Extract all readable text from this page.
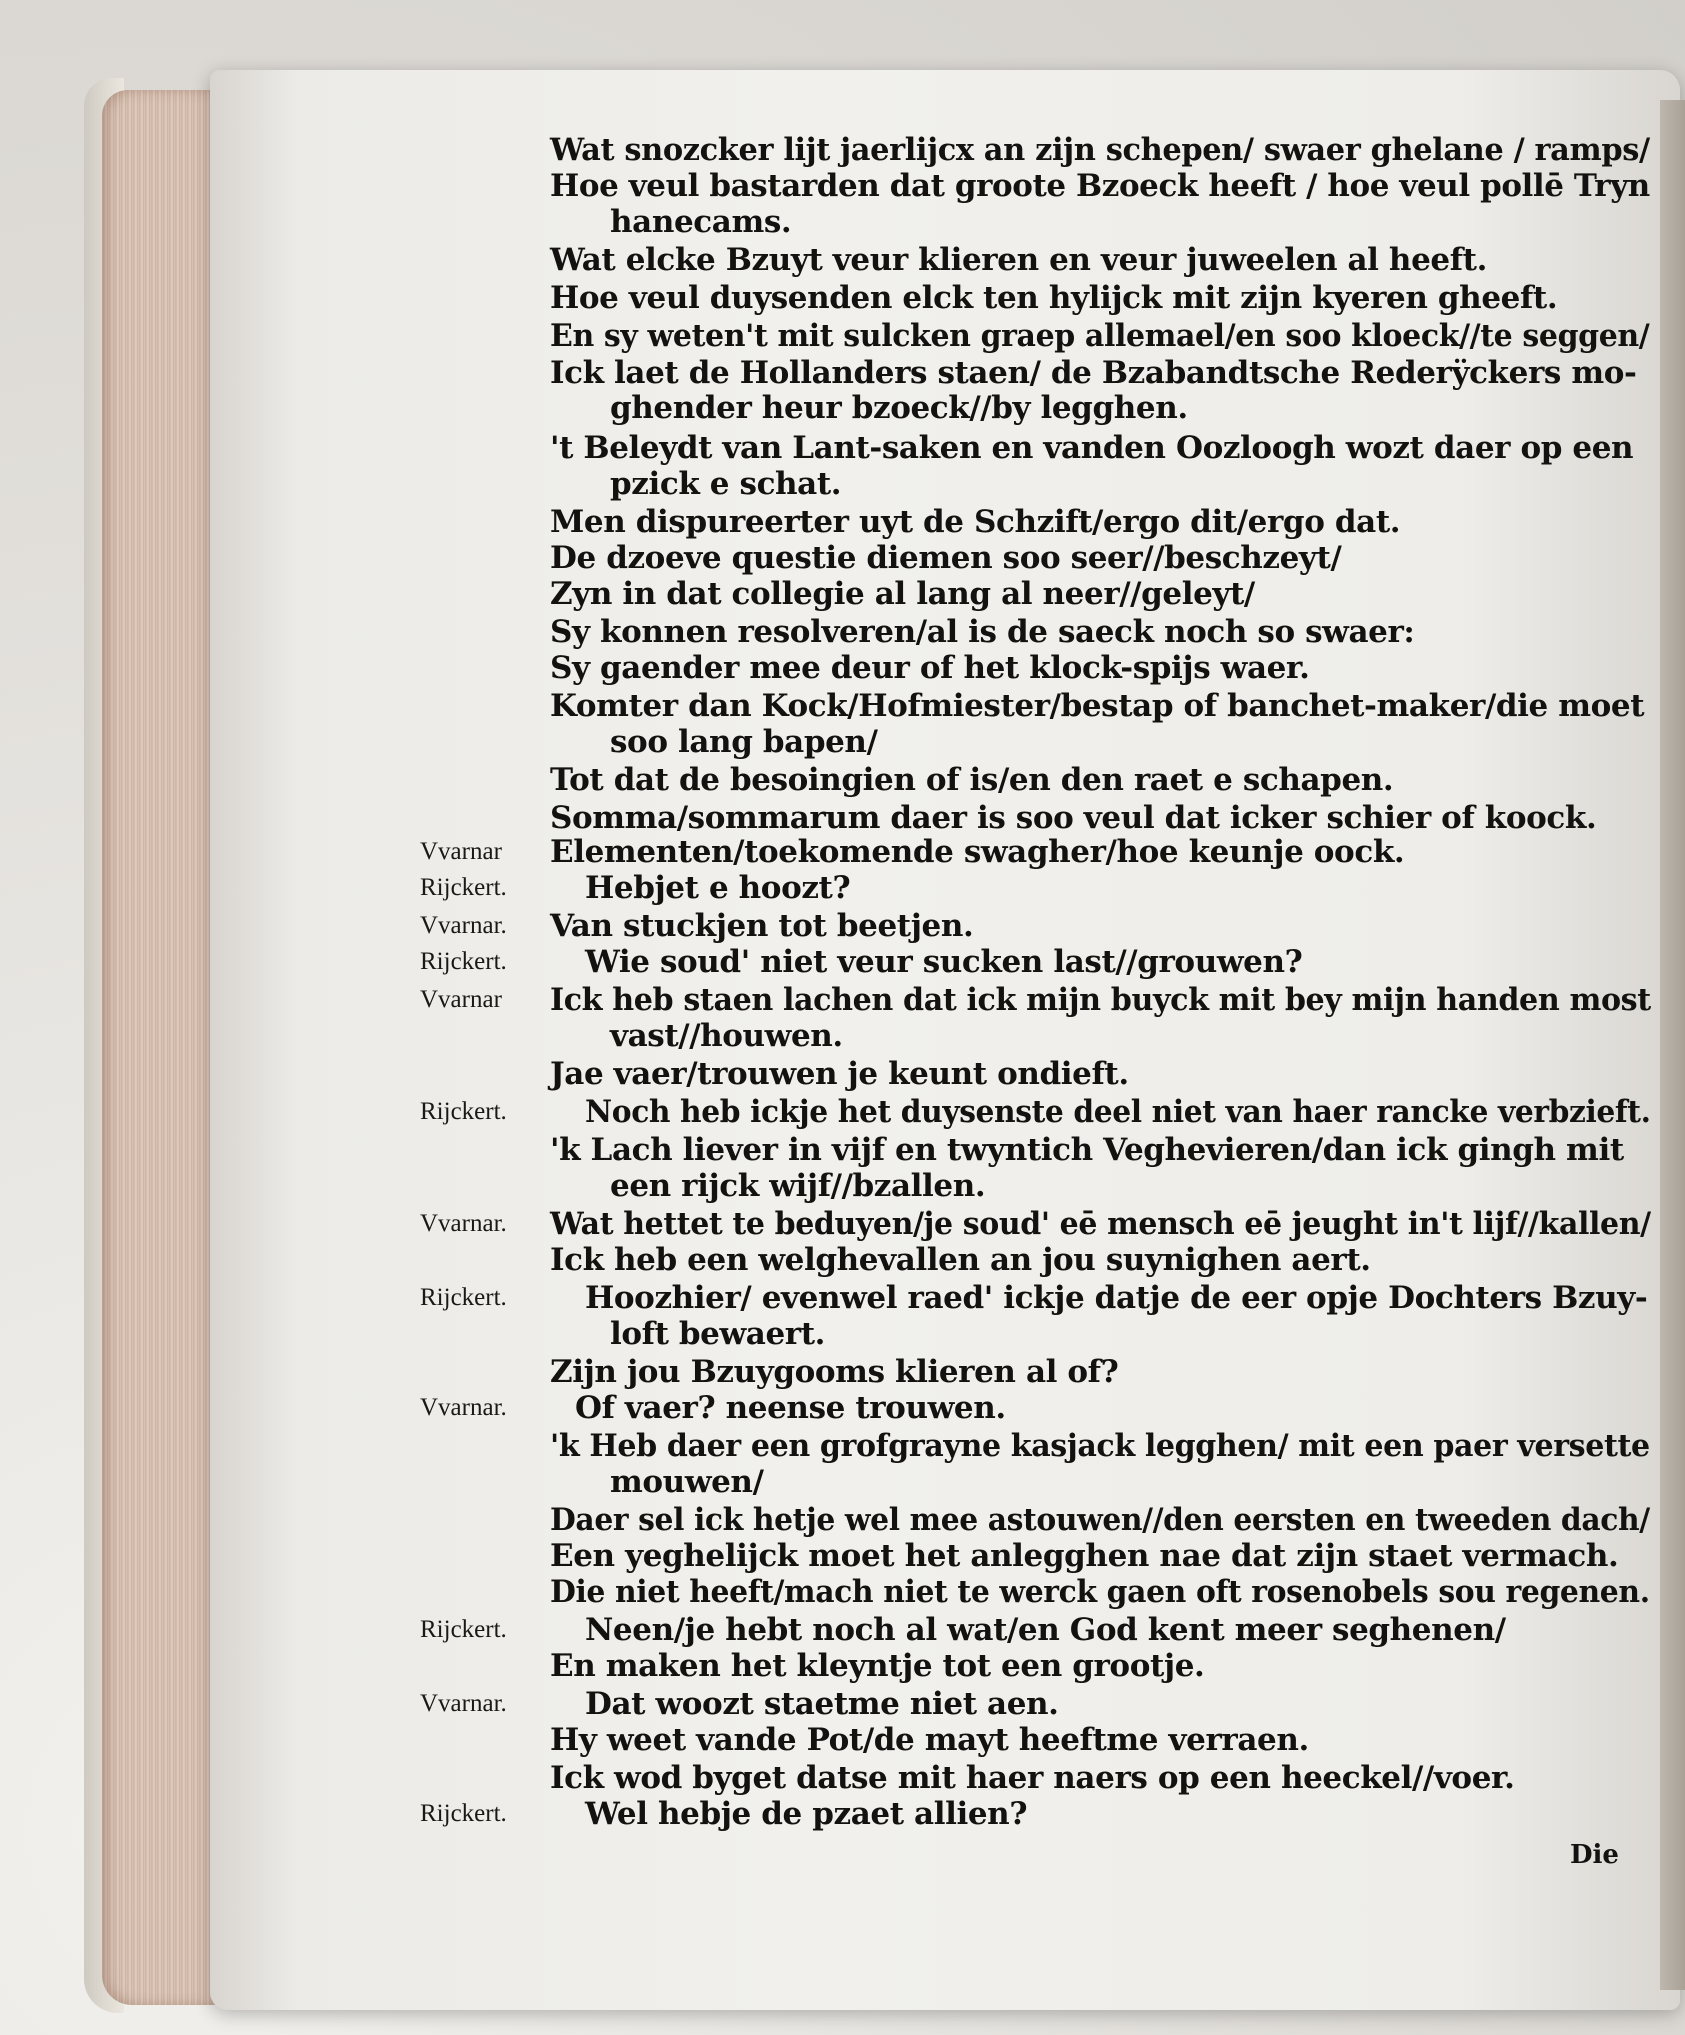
Wat snozcker lijt jaerlijcx an zijn schepen/ swaer ghelane / ramps/
Hoe veul bastarden dat groote Bzoeck heeft / hoe veul pollē Tryn
hanecams.
Wat elcke Bzuyt veur klieren en veur juweelen al heeft.
Hoe veul duysenden elck ten hylijck mit zijn kyeren gheeft.
En sy weten't mit sulcken graep allemael/en soo kloeck//te seggen/
Ick laet de Hollanders staen/ de Bzabandtsche Rederÿckers mo-
ghender heur bzoeck//by legghen.
't Beleydt van Lant-saken en vanden Oozloogh wozt daer op een
pzick e schat.
Men dispureerter uyt de Schzift/ergo dit/ergo dat.
De dzoeve questie diemen soo seer//beschzeyt/
Zyn in dat collegie al lang al neer//geleyt/
Sy konnen resolveren/al is de saeck noch so swaer:
Sy gaender mee deur of het klock-spijs waer.
Komter dan Kock/Hofmiester/bestap of banchet-maker/die moet
soo lang bapen/
Tot dat de besoingien of is/en den raet e schapen.
Somma/sommarum daer is soo veul dat icker schier of koock.
Elementen/toekomende swagher/hoe keunje oock.
Hebjet e hoozt?
Van stuckjen tot beetjen.
Wie soud' niet veur sucken last//grouwen?
Ick heb staen lachen dat ick mijn buyck mit bey mijn handen most
vast//houwen.
Jae vaer/trouwen je keunt ondieft.
Noch heb ickje het duysenste deel niet van haer rancke verbzieft.
'k Lach liever in vijf en twyntich Veghevieren/dan ick gingh mit
een rijck wijf//bzallen.
Wat hettet te beduyen/je soud' eē mensch eē jeught in't lijf//kallen/
Ick heb een welghevallen an jou suynighen aert.
Hoozhier/ evenwel raed' ickje datje de eer opje Dochters Bzuy-
loft bewaert.
Zijn jou Bzuygooms klieren al of?
Of vaer? neense trouwen.
'k Heb daer een grofgrayne kasjack legghen/ mit een paer versette
mouwen/
Daer sel ick hetje wel mee astouwen//den eersten en tweeden dach/
Een yeghelijck moet het anlegghen nae dat zijn staet vermach.
Die niet heeft/mach niet te werck gaen oft rosenobels sou regenen.
Neen/je hebt noch al wat/en God kent meer seghenen/
En maken het kleyntje tot een grootje.
Dat woozt staetme niet aen.
Hy weet vande Pot/de mayt heeftme verraen.
Ick wod byget datse mit haer naers op een heeckel//voer.
Wel hebje de pzaet allien?
Vvarnar
Rijckert.
Vvarnar.
Rijckert.
Vvarnar
Rijckert.
Vvarnar.
Rijckert.
Vvarnar.
Rijckert.
Vvarnar.
Rijckert.
Die
